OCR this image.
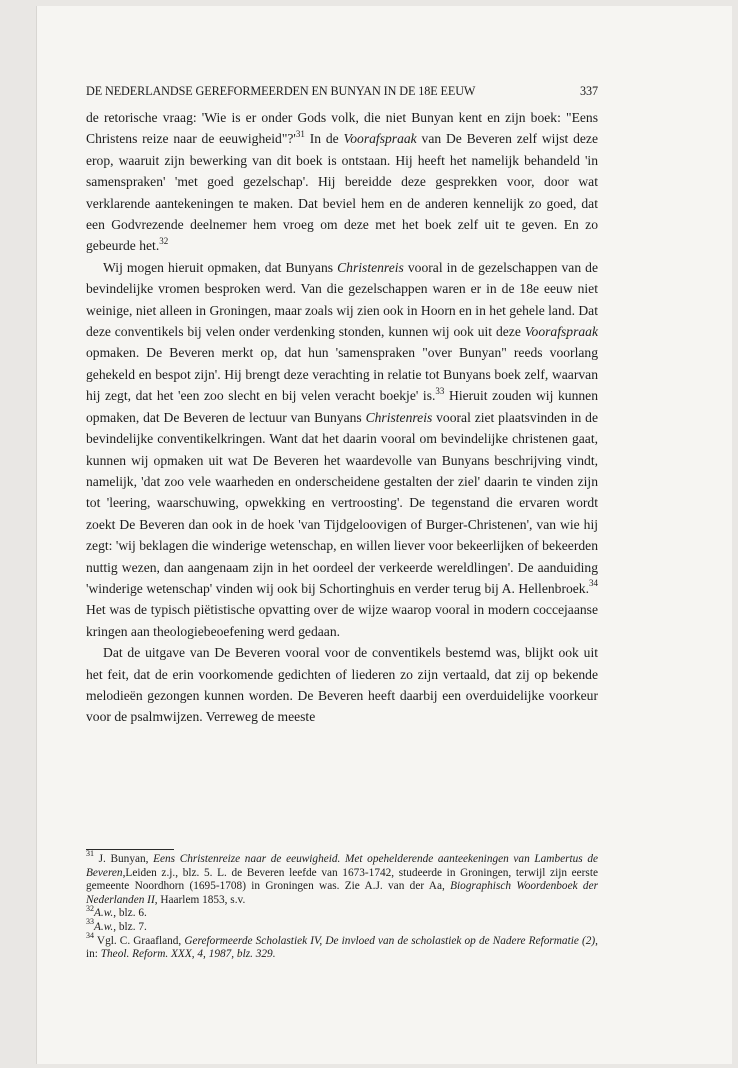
DE NEDERLANDSE GEREFORMEERDEN EN BUNYAN IN DE 18E EEUW	337

de retorische vraag: 'Wie is er onder Gods volk, die niet Bunyan kent en zijn boek: "Eens Christens reize naar de $eeuwigheid"?'^{31}$ In de Voorafspraak van De Beveren zelf wijst deze erop, waaruit zijn bewerking van dit boek is ontstaan. Hij heeft het namelijk behandeld 'in samenspraken' 'met goed gezelschap'. Hij bereidde deze gesprekken voor, door wat verklarende aantekeningen te maken. Dat beviel hem en de anderen kennelijk zo goed, dat een Godvrezende deelnemer hem vroeg om deze met het boek zelf uit te geven. En zo gebeurde het.$^{32}$

Wij mogen hieruit opmaken, dat Bunyans Christenreis vooral in de gezelschappen van de bevindelijke vromen besproken werd. Van die gezelschappen waren er in de 18e eeuw niet weinige, niet alleen in Groningen, maar zoals wij zien ook in Hoorn en in het gehele land. Dat deze conventikels bij velen onder verdenking stonden, kunnen wij ook uit deze Voorafspraak opmaken. De Beveren merkt op, dat hun 'samenspraken "over Bunyan" reeds voorlang gehekeld en bespot zijn'. Hij brengt deze verachting in relatie tot Bunyans boek zelf, waarvan hij zegt, dat het 'een zoo slecht en bij velen veracht boekje' is.$^{33}$ Hieruit zouden wij kunnen opmaken, dat De Beveren de lectuur van Bunyans Christenreis vooral ziet plaatsvinden in de bevindelijke conventikelkringen. Want dat het daarin vooral om bevindelijke christenen gaat, kunnen wij opmaken uit wat De Beveren het waardevolle van Bunyans beschrijving vindt, namelijk, 'dat zoo vele waarheden en onderscheidene gestalten der ziel' daarin te vinden zijn tot 'leering, waarschuwing, opwekking en vertroosting'. De tegenstand die ervaren wordt zoekt De Beveren dan ook in de hoek 'van Tijdgeloovigen of Burger-Christenen', van wie hij zegt: 'wij beklagen die winderige wetenschap, en willen liever voor bekeerlijken of bekeerden nuttig wezen, dan aangenaam zijn in het oordeel der verkeerde wereldlingen'. De aanduiding 'winderige wetenschap' vinden wij ook bij Schortinghuis en verder terug bij A. Hellenbroek.$^{34}$ Het was de typisch piëtistische opvatting over de wijze waarop vooral in modern coccejaanse kringen aan theologiebeoefening werd gedaan.

Dat de uitgave van De Beveren vooral voor de conventikels bestemd was, blijkt ook uit het feit, dat de erin voorkomende gedichten of liederen zo zijn vertaald, dat zij op bekende melodieën gezongen kunnen worden. De Beveren heeft daarbij een overduidelijke voorkeur voor de psalmwijzen. Verreweg de meeste

$^{31}$ J. Bunyan, Eens Christenreize naar de eeuwigheid. Met opehelderende aanteekeningen van Lambertus de Beveren,Leiden z.j., blz. 5. L. de Beveren leefde van 1673-1742, studeerde in Groningen, terwijl zijn eerste gemeente Noordhorn (1695-1708) in Groningen was. Zie A.J. van der Aa, Biographisch Woordenboek der Nederlanden II, Haarlem 1853, s.v.

$^{32}$A.w., blz. 6.

$^{33}$A.w., blz. 7.

$^{34}$ Vgl. C. Graafland, Gereformeerde Scholastiek IV, De invloed van de scholastiek op de Nadere Reformatie (2), in: Theol. Reform. XXX, 4, 1987, blz. 329.
